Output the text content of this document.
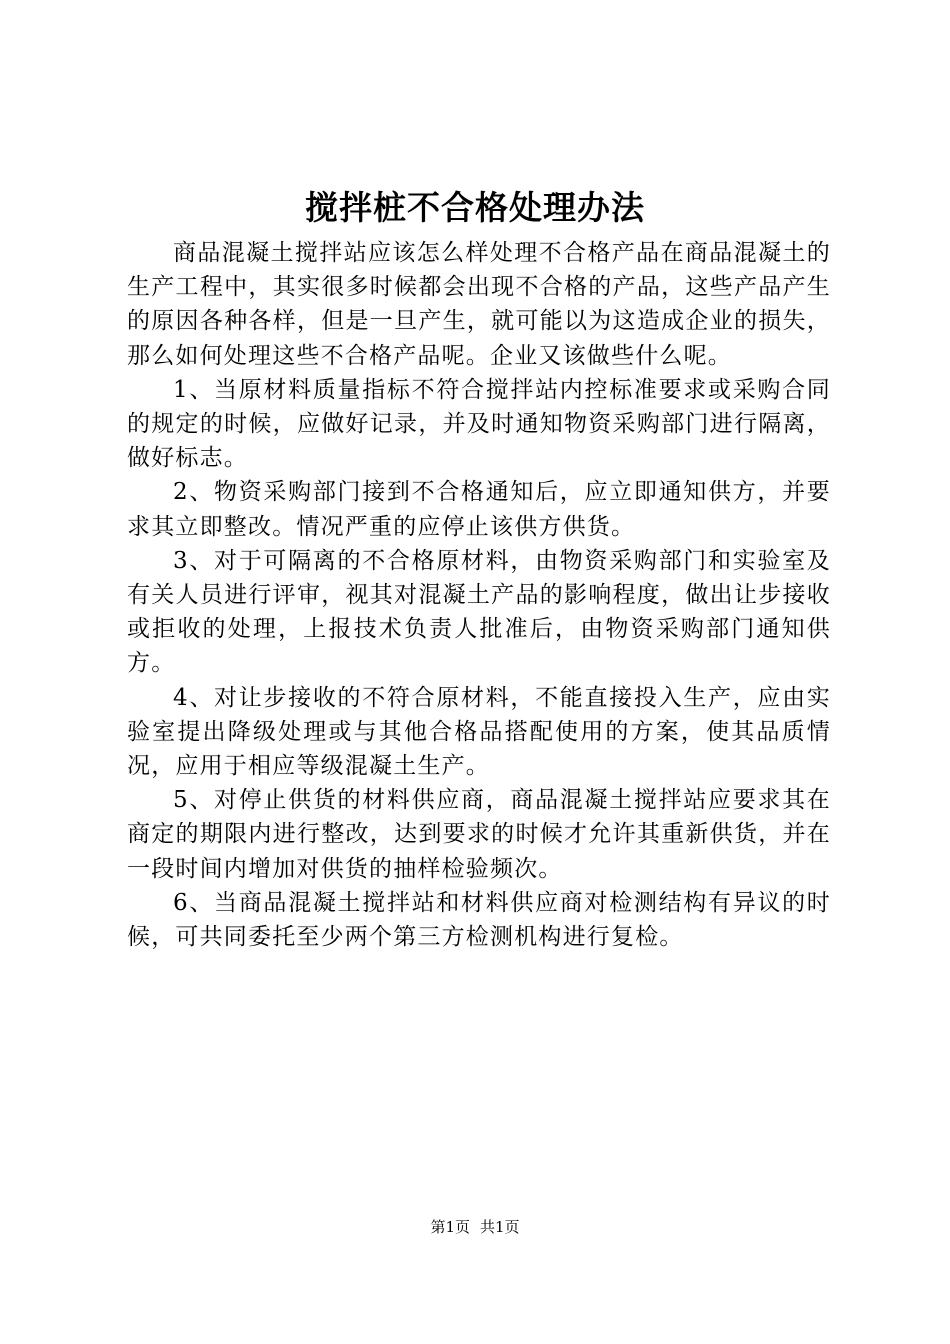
搅拌桩不合格处理办法

商品混凝土搅拌站应该怎么样处理不合格产品在商品混凝土的生产工程中，其实很多时候都会出现不合格的产品，这些产品产生的原因各种各样，但是一旦产生，就可能以为这造成企业的损失，那么如何处理这些不合格产品呢。企业又该做些什么呢。

1、当原材料质量指标不符合搅拌站内控标准要求或采购合同的规定的时候，应做好记录，并及时通知物资采购部门进行隔离，做好标志。

2、物资采购部门接到不合格通知后，应立即通知供方，并要求其立即整改。情况严重的应停止该供方供货。

3、对于可隔离的不合格原材料，由物资采购部门和实验室及有关人员进行评审，视其对混凝土产品的影响程度，做出让步接收或拒收的处理，上报技术负责人批准后，由物资采购部门通知供方。

4、对让步接收的不符合原材料，不能直接投入生产，应由实验室提出降级处理或与其他合格品搭配使用的方案，使其品质情况，应用于相应等级混凝土生产。

5、对停止供货的材料供应商，商品混凝土搅拌站应要求其在商定的期限内进行整改，达到要求的时候才允许其重新供货，并在一段时间内增加对供货的抽样检验频次。

6、当商品混凝土搅拌站和材料供应商对检测结构有异议的时候，可共同委托至少两个第三方检测机构进行复检。

第1页 共1页
